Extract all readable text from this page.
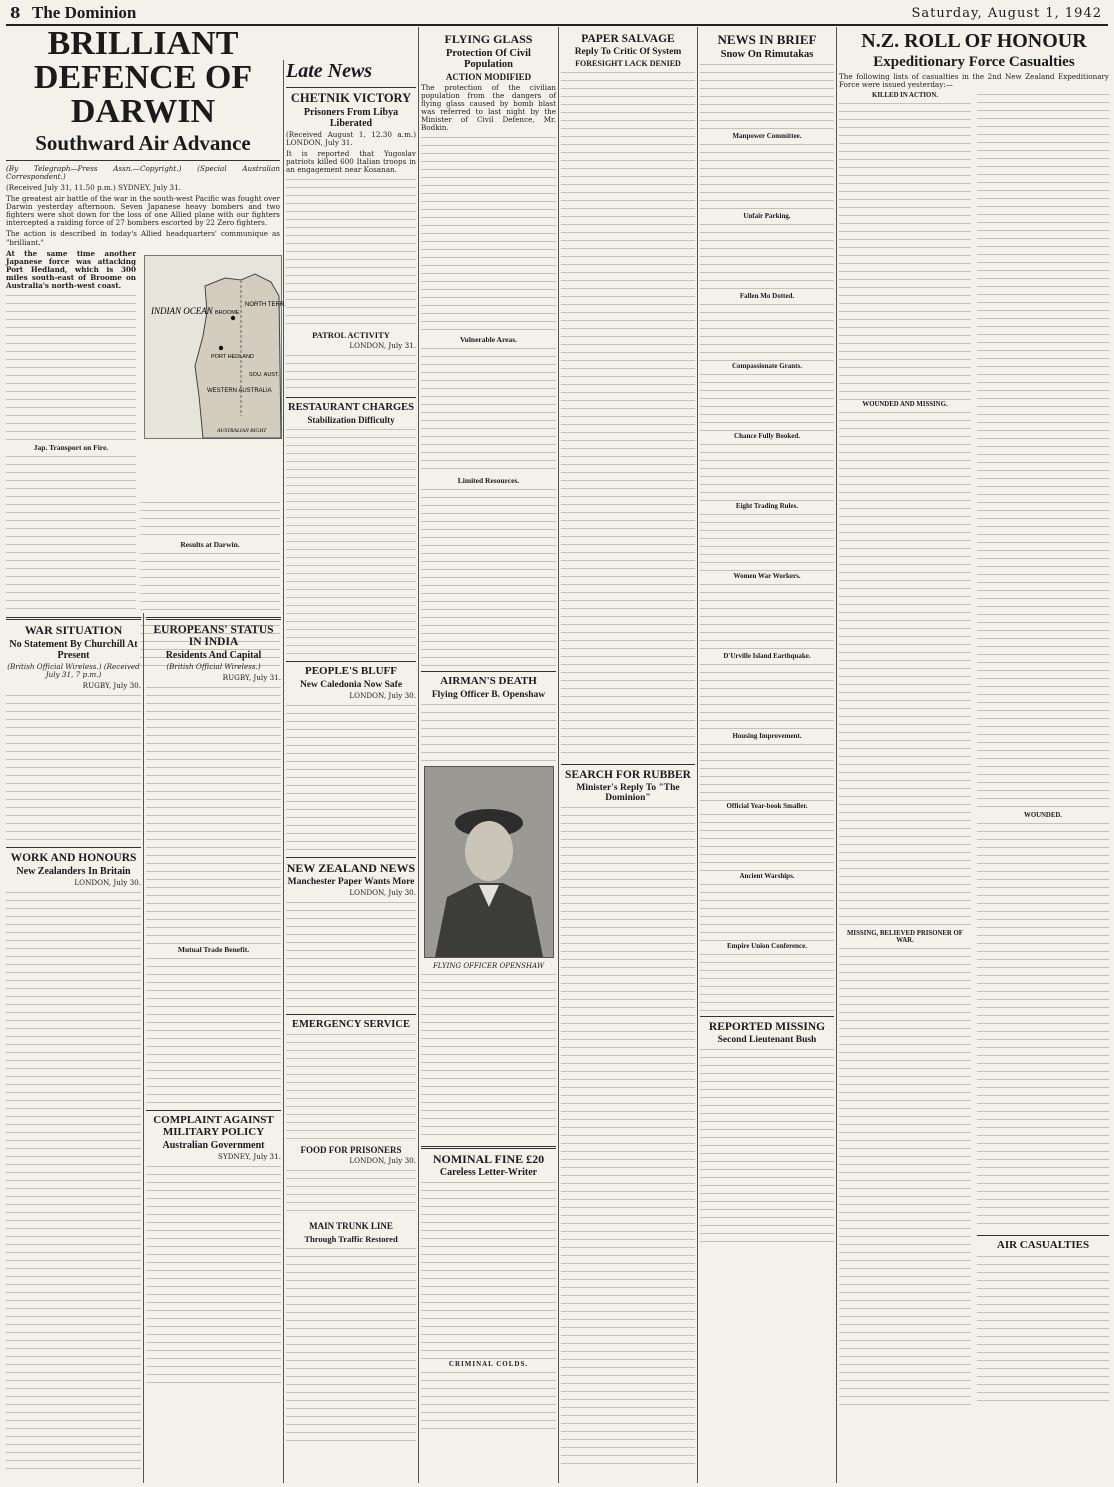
8 The Dominion	Saturday, August 1, 1942
BRILLIANT DEFENCE OF DARWIN
Southward Air Advance

(By Telegraph—Press Assn.—Copyright.) (Special Australian Correspondent.)

(Received July 31, 11.50 p.m.) SYDNEY, July 31.

The greatest air battle of the war in the south-west Pacific was fought over Darwin yesterday afternoon. Seven Japanese heavy bombers and two fighters were shot down for the loss of one Allied plane with our fighters intercepted a raiding force of 27 bombers escorted by 22 Zero fighters.

The action is described in today's Allied headquarters' communique as "brilliant."

At the same time another Japanese force was attacking Port Hedland, which is 300 miles south-east of Broome on Australia's north-west coast.

Jap. Transport on Fire.

Results at Darwin.

INDIAN OCEAN
NORTH TERR.
PORT HEDLAND
BROOME
WESTERN AUSTRALIA
SOU. AUST.
AUSTRALIAN BIGHT
Late News
CHETNIK VICTORY
Prisoners From Libya Liberated

(Received August 1, 12.30 a.m.) LONDON, July 31.

It is reported that Yugoslav patriots killed 600 Italian troops in an engagement near Kosanan.

PATROL ACTIVITY

LONDON, July 31.

RESTAURANT CHARGES
Stabilization Difficulty
PEOPLE'S BLUFF
New Caledonia Now Safe

LONDON, July 30.

NEW ZEALAND NEWS
Manchester Paper Wants More

LONDON, July 30.

EMERGENCY SERVICE
FOOD FOR PRISONERS

LONDON, July 30.

MAIN TRUNK LINE
Through Traffic Restored
FLYING GLASS
Protection Of Civil Population
ACTION MODIFIED

The protection of the civilian population from the dangers of flying glass caused by bomb blast was referred to last night by the Minister of Civil Defence, Mr. Bodkin.

Vulnerable Areas.

Limited Resources.

AIRMAN'S DEATH
Flying Officer B. Openshaw

FLYING OFFICER OPENSHAW

NOMINAL FINE £20
Careless Letter-Writer

CRIMINAL COLDS.

PAPER SALVAGE
Reply To Critic Of System
FORESIGHT LACK DENIED
SEARCH FOR RUBBER
Minister's Reply To "The Dominion"
NEWS IN BRIEF
Snow On Rimutakas

Manpower Committee.

Unfair Parking.

Fallen Mo Dotted.

Compassionate Grants.

Chance Fully Booked.

Eight Trading Rules.

Women War Workers.

D'Urville Island Earthquake.

Housing Improvement.

Official Year-book Smaller.

Ancient Warships.

Empire Union Conference.

REPORTED MISSING
Second Lieutenant Bush
N.Z. ROLL OF HONOUR
Expeditionary Force Casualties

The following lists of casualties in the 2nd New Zealand Expeditionary Force were issued yesterday:—

KILLED IN ACTION.

WOUNDED AND MISSING.

MISSING, BELIEVED PRISONER OF WAR.

WOUNDED.

AIR CASUALTIES
WAR SITUATION
No Statement By Churchill At Present

(British Official Wireless.) (Received July 31, 7 p.m.)

RUGBY, July 30.

WORK AND HONOURS
New Zealanders In Britain

LONDON, July 30.

EUROPEANS' STATUS IN INDIA
Residents And Capital

(British Official Wireless.)

RUGBY, July 31.

Mutual Trade Benefit.

COMPLAINT AGAINST MILITARY POLICY
Australian Government

SYDNEY, July 31.
